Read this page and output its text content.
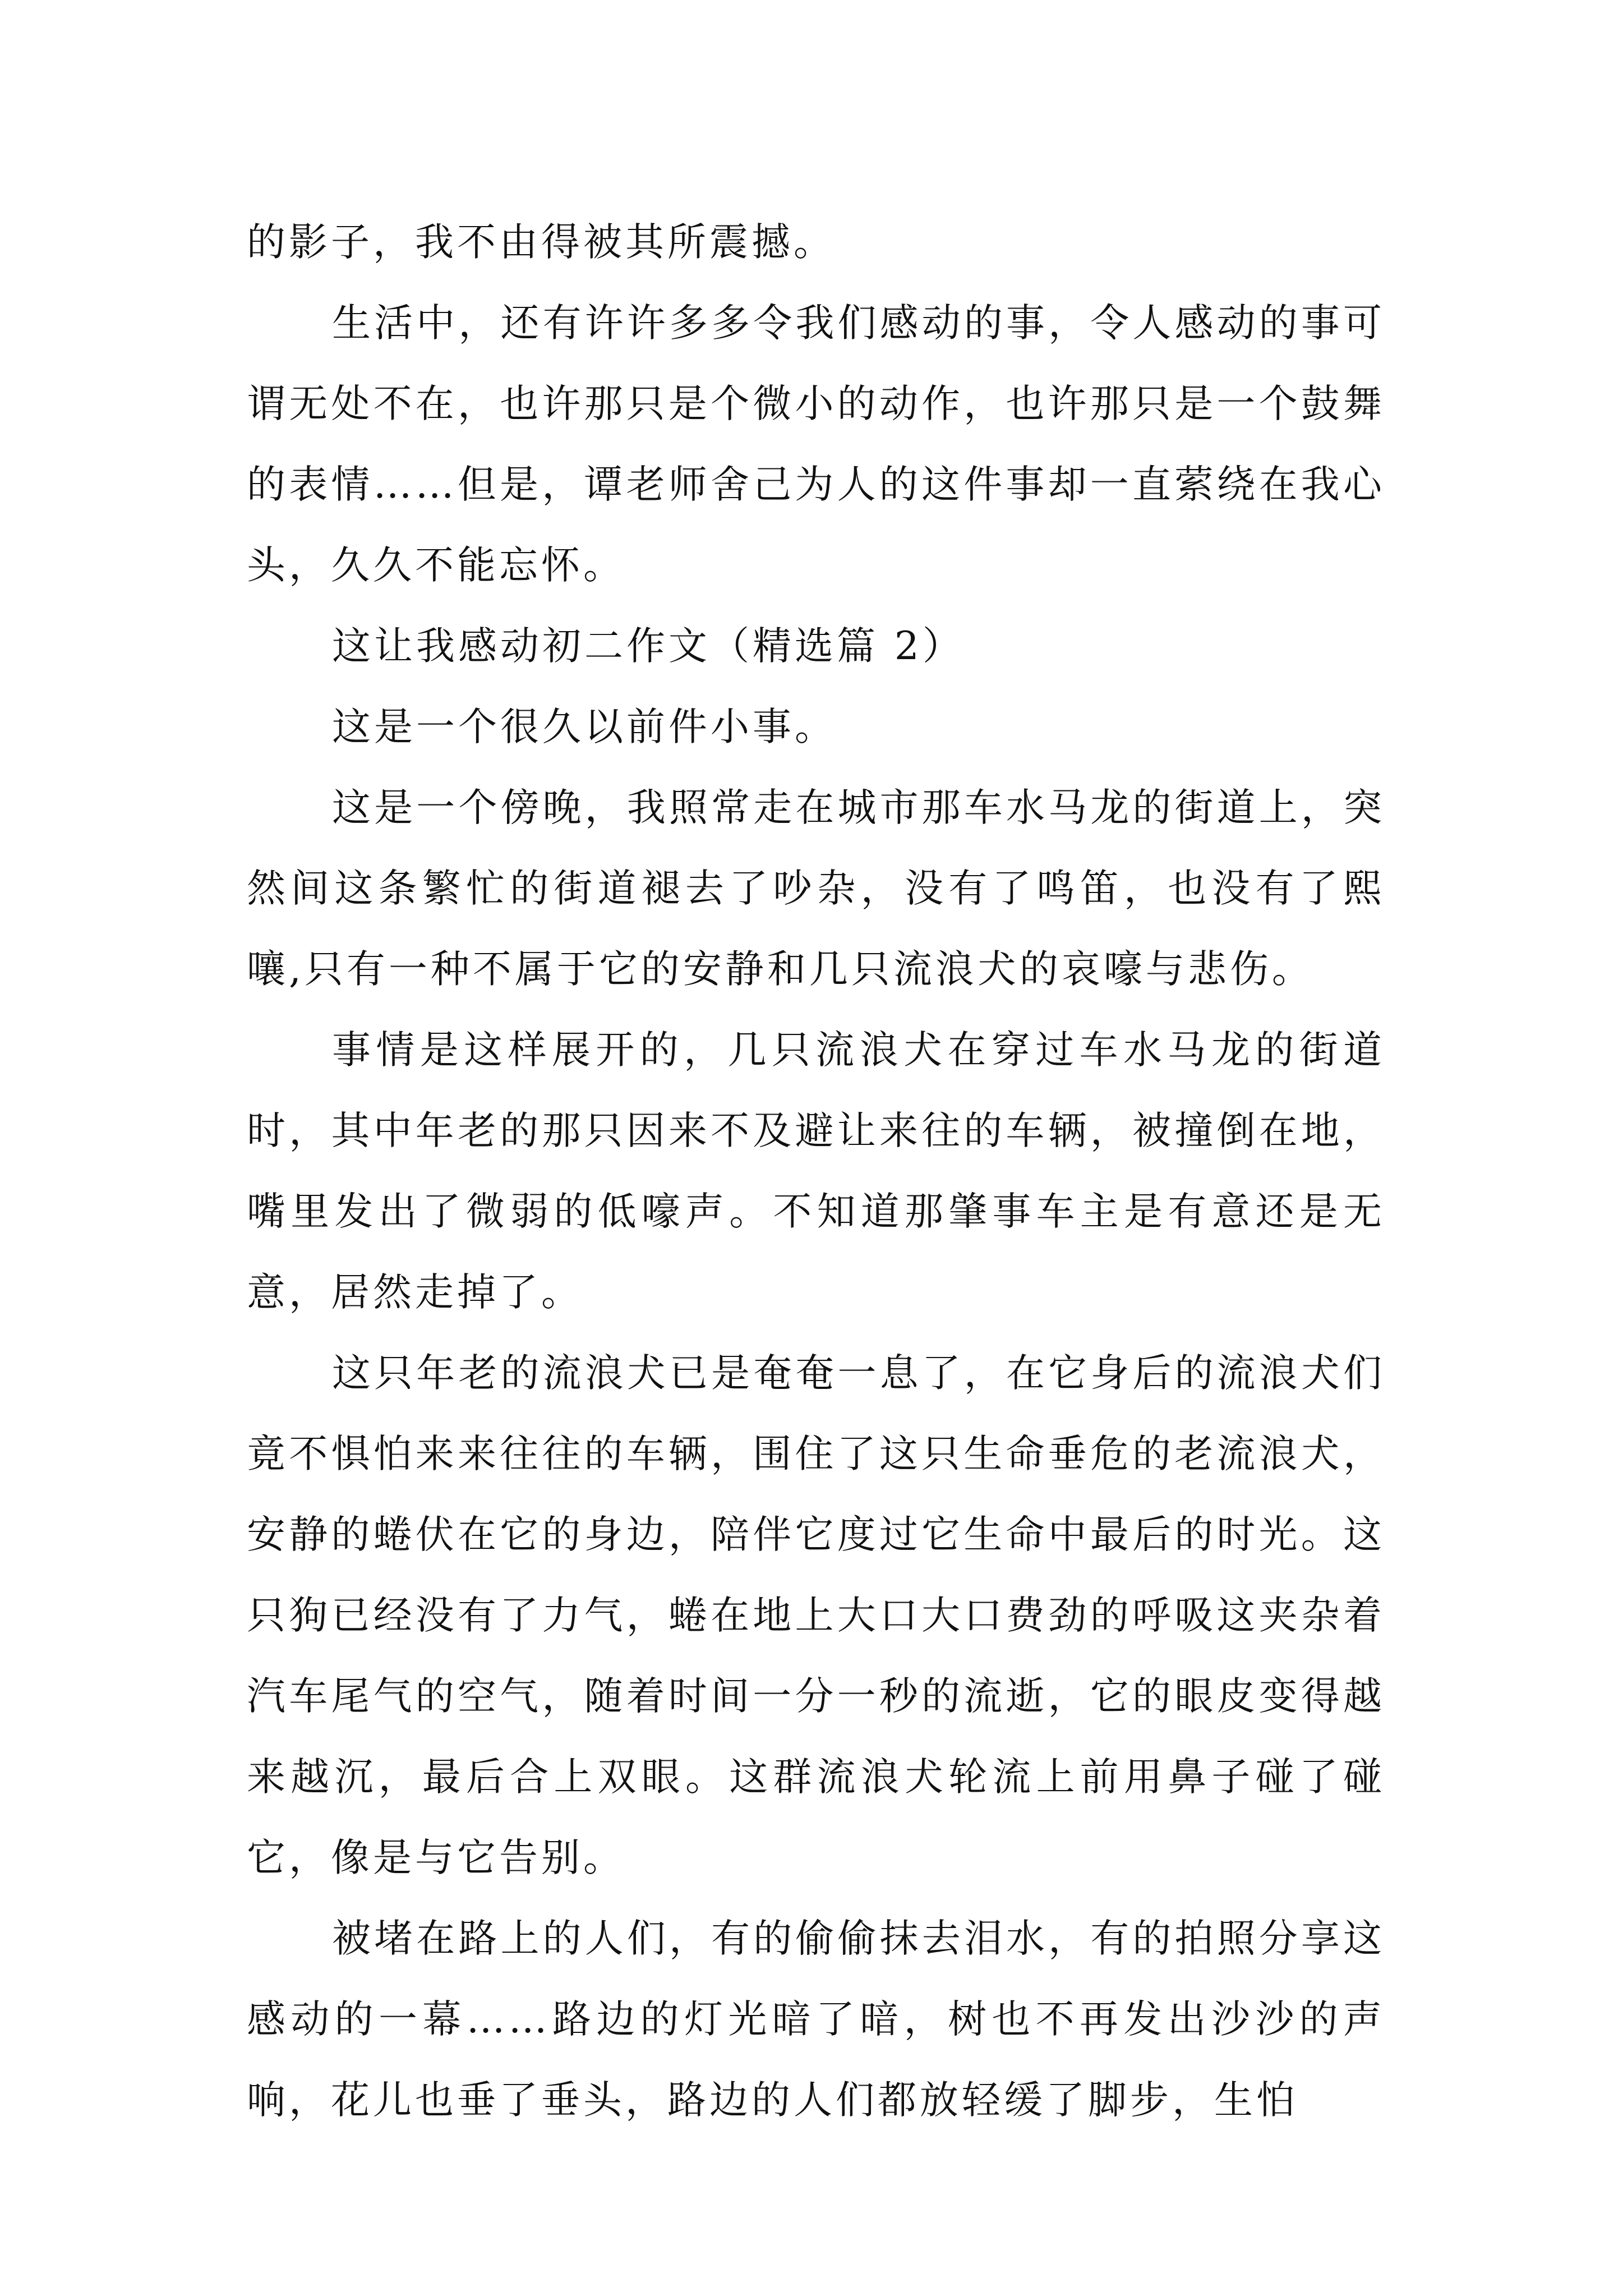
的影子，我不由得被其所震撼。

生活中，还有许许多多令我们感动的事，令人感动的事可谓无处不在，也许那只是个微小的动作，也许那只是一个鼓舞的表情……但是，谭老师舍己为人的这件事却一直萦绕在我心头，久久不能忘怀。

这让我感动初二作文（精选篇 2）

这是一个很久以前件小事。

这是一个傍晚，我照常走在城市那车水马龙的街道上，突然间这条繁忙的街道褪去了吵杂，没有了鸣笛，也没有了熙嚷,只有一种不属于它的安静和几只流浪犬的哀嚎与悲伤。

事情是这样展开的，几只流浪犬在穿过车水马龙的街道时，其中年老的那只因来不及避让来往的车辆，被撞倒在地，嘴里发出了微弱的低嚎声。不知道那肇事车主是有意还是无意，居然走掉了。

这只年老的流浪犬已是奄奄一息了，在它身后的流浪犬们竟不惧怕来来往往的车辆，围住了这只生命垂危的老流浪犬，安静的蜷伏在它的身边，陪伴它度过它生命中最后的时光。这只狗已经没有了力气，蜷在地上大口大口费劲的呼吸这夹杂着汽车尾气的空气，随着时间一分一秒的流逝，它的眼皮变得越来越沉，最后合上双眼。这群流浪犬轮流上前用鼻子碰了碰它，像是与它告别。

被堵在路上的人们，有的偷偷抹去泪水，有的拍照分享这感动的一幕……路边的灯光暗了暗，树也不再发出沙沙的声响，花儿也垂了垂头，路边的人们都放轻缓了脚步，生怕
